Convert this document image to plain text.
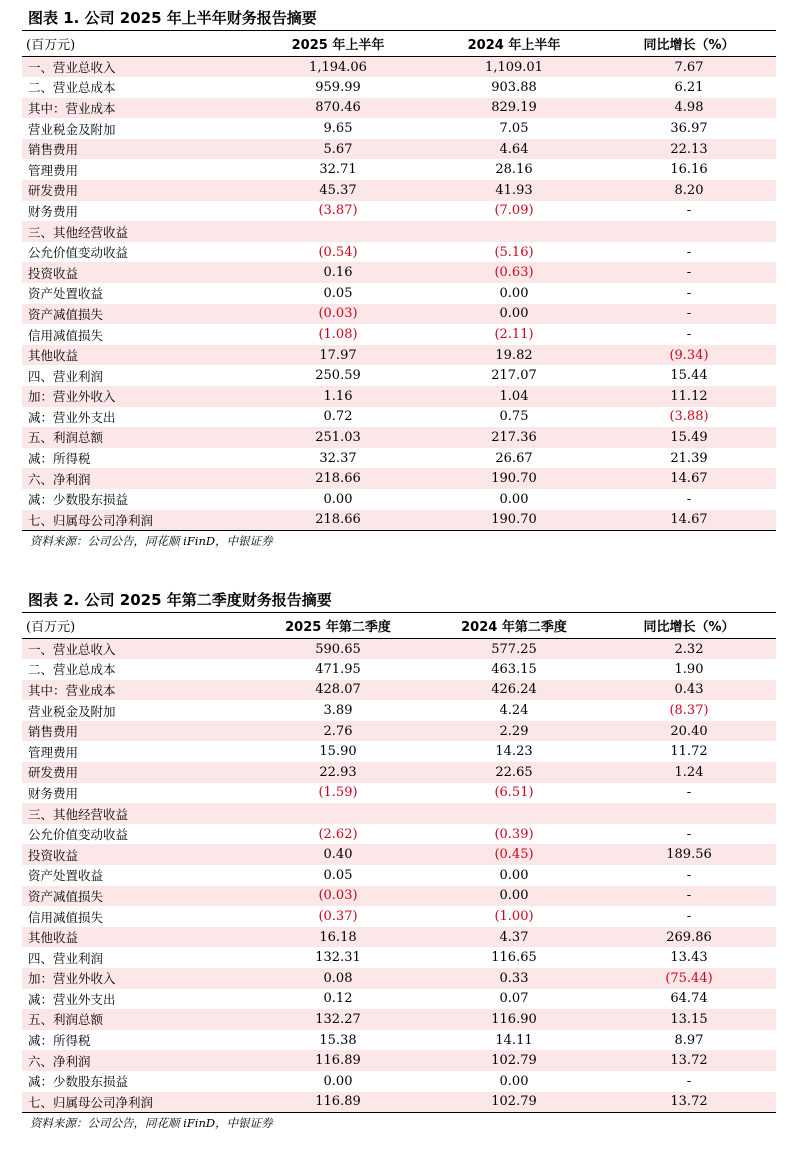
图表 1. 公司 2025 年上半年财务报告摘要
(百万元)	2025 年上半年	2024 年上半年	同比增长（%）
一、营业总收入	1,194.06	1,109.01	7.67
二、营业总成本	959.99	903.88	6.21
其中：营业成本	870.46	829.19	4.98
营业税金及附加	9.65	7.05	36.97
销售费用	5.67	4.64	22.13
管理费用	32.71	28.16	16.16
研发费用	45.37	41.93	8.20
财务费用	(3.87)	(7.09)	-
三、其他经营收益			
公允价值变动收益	(0.54)	(5.16)	-
投资收益	0.16	(0.63)	-
资产处置收益	0.05	0.00	-
资产减值损失	(0.03)	0.00	-
信用减值损失	(1.08)	(2.11)	-
其他收益	17.97	19.82	(9.34)
四、营业利润	250.59	217.07	15.44
加：营业外收入	1.16	1.04	11.12
减：营业外支出	0.72	0.75	(3.88)
五、利润总额	251.03	217.36	15.49
减：所得税	32.37	26.67	21.39
六、净利润	218.66	190.70	14.67
减：少数股东损益	0.00	0.00	-
七、归属母公司净利润	218.66	190.70	14.67
资料来源：公司公告，同花顺 iFinD，中银证券
图表 2. 公司 2025 年第二季度财务报告摘要
(百万元)	2025 年第二季度	2024 年第二季度	同比增长（%）
一、营业总收入	590.65	577.25	2.32
二、营业总成本	471.95	463.15	1.90
其中：营业成本	428.07	426.24	0.43
营业税金及附加	3.89	4.24	(8.37)
销售费用	2.76	2.29	20.40
管理费用	15.90	14.23	11.72
研发费用	22.93	22.65	1.24
财务费用	(1.59)	(6.51)	-
三、其他经营收益			
公允价值变动收益	(2.62)	(0.39)	-
投资收益	0.40	(0.45)	189.56
资产处置收益	0.05	0.00	-
资产减值损失	(0.03)	0.00	-
信用减值损失	(0.37)	(1.00)	-
其他收益	16.18	4.37	269.86
四、营业利润	132.31	116.65	13.43
加：营业外收入	0.08	0.33	(75.44)
减：营业外支出	0.12	0.07	64.74
五、利润总额	132.27	116.90	13.15
减：所得税	15.38	14.11	8.97
六、净利润	116.89	102.79	13.72
减：少数股东损益	0.00	0.00	-
七、归属母公司净利润	116.89	102.79	13.72
资料来源：公司公告，同花顺 iFinD，中银证券
